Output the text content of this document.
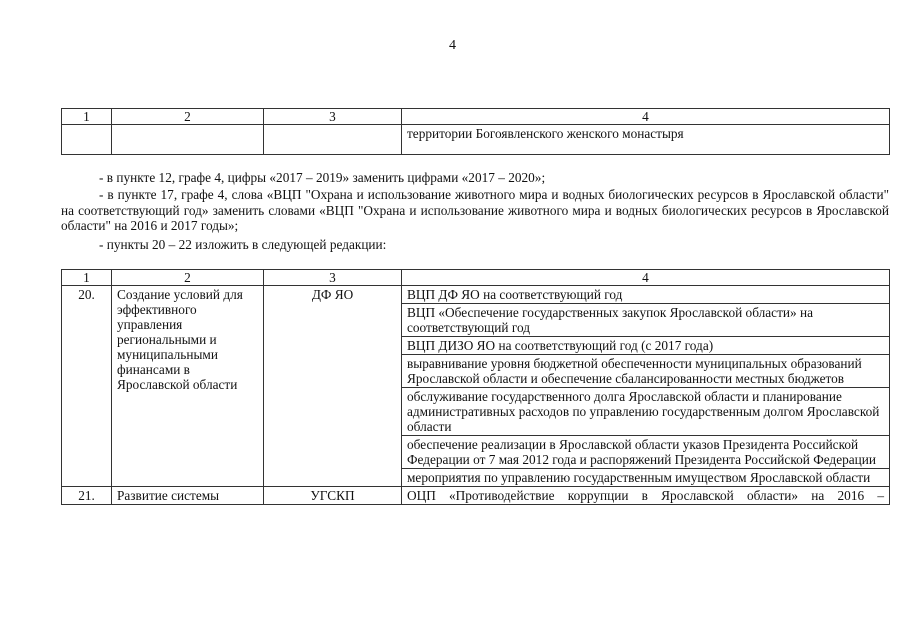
4
1	2	3	4
			территории Богоявленского женского монастыря
- в пункте 12, графе 4, цифры «2017 – 2019» заменить цифрами «2017 – 2020»;
- в пункте 17, графе 4, слова «ВЦП "Охрана и использование животного мира и водных биологических ресурсов в Ярославской области" на соответствующий год» заменить словами «ВЦП "Охрана и использование животного мира и водных биологических ресурсов в Ярославской области" на 2016 и 2017 годы»;
- пункты 20 – 22 изложить в следующей редакции:
1	2	3	4
20.	Создание условий для эффективного управления региональными и муниципальными финансами в Ярославской области	ДФ ЯО	ВЦП ДФ ЯО на соответствующий год
			ВЦП «Обеспечение государственных закупок Ярославской области» на соответствующий год
			ВЦП ДИЗО ЯО на соответствующий год (с 2017 года)
			выравнивание уровня бюджетной обеспеченности муниципальных образований Ярославской области и обеспечение сбалансированности местных бюджетов
			обслуживание государственного долга Ярославской области и планирование административных расходов по управлению государственным долгом Ярославской области
			обеспечение реализации в Ярославской области указов Президента Российской Федерации от 7 мая 2012 года и распоряжений Президента Российской Федерации
			мероприятия по управлению государственным имуществом Ярославской области
21.	Развитие системы	УГСКП	ОЦП «Противодействие коррупции в Ярославской области» на 2016 –
